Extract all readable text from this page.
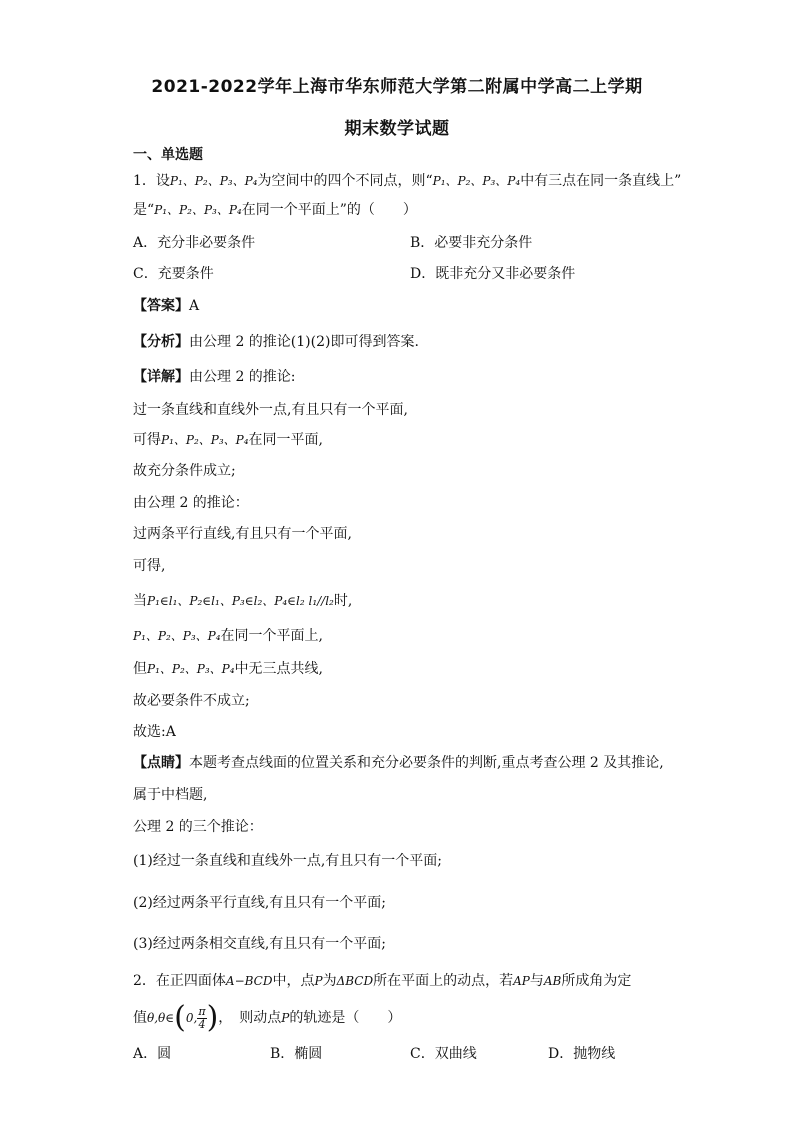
2021-2022学年上海市华东师范大学第二附属中学高二上学期
期末数学试题
一、单选题
1．设P₁、P₂、P₃、P₄为空间中的四个不同点，则“P₁、P₂、P₃、P₄中有三点在同一条直线上”
是“P₁、P₂、P₃、P₄在同一个平面上”的（　　）
A．充分非必要条件	B．必要非充分条件
C．充要条件	D．既非充分又非必要条件
【答案】A
【分析】由公理 2 的推论(1)(2)即可得到答案.
【详解】由公理 2 的推论:
过一条直线和直线外一点,有且只有一个平面,
可得P₁、P₂、P₃、P₄在同一平面,
故充分条件成立;
由公理 2 的推论：
过两条平行直线,有且只有一个平面,
可得,
当P₁∈l₁、P₂∈l₁、P₃∈l₂、P₄∈l₂ l₁//l₂时,
P₁、P₂、P₃、P₄在同一个平面上,
但P₁、P₂、P₃、P₄中无三点共线,
故必要条件不成立;
故选:A
【点睛】本题考查点线面的位置关系和充分必要条件的判断,重点考查公理 2 及其推论,
属于中档题,
公理 2 的三个推论：
(1)经过一条直线和直线外一点,有且只有一个平面;
(2)经过两条平行直线,有且只有一个平面;
(3)经过两条相交直线,有且只有一个平面;
2．在正四面体A−BCD中，点P为ΔBCD所在平面上的动点，若AP与AB所成角为定
值θ,θ∈(0, $\frac{\pi}{4}$ )，　则动点P的轨迹是（　　）
A．圆	B．椭圆	C．双曲线	D．抛物线
